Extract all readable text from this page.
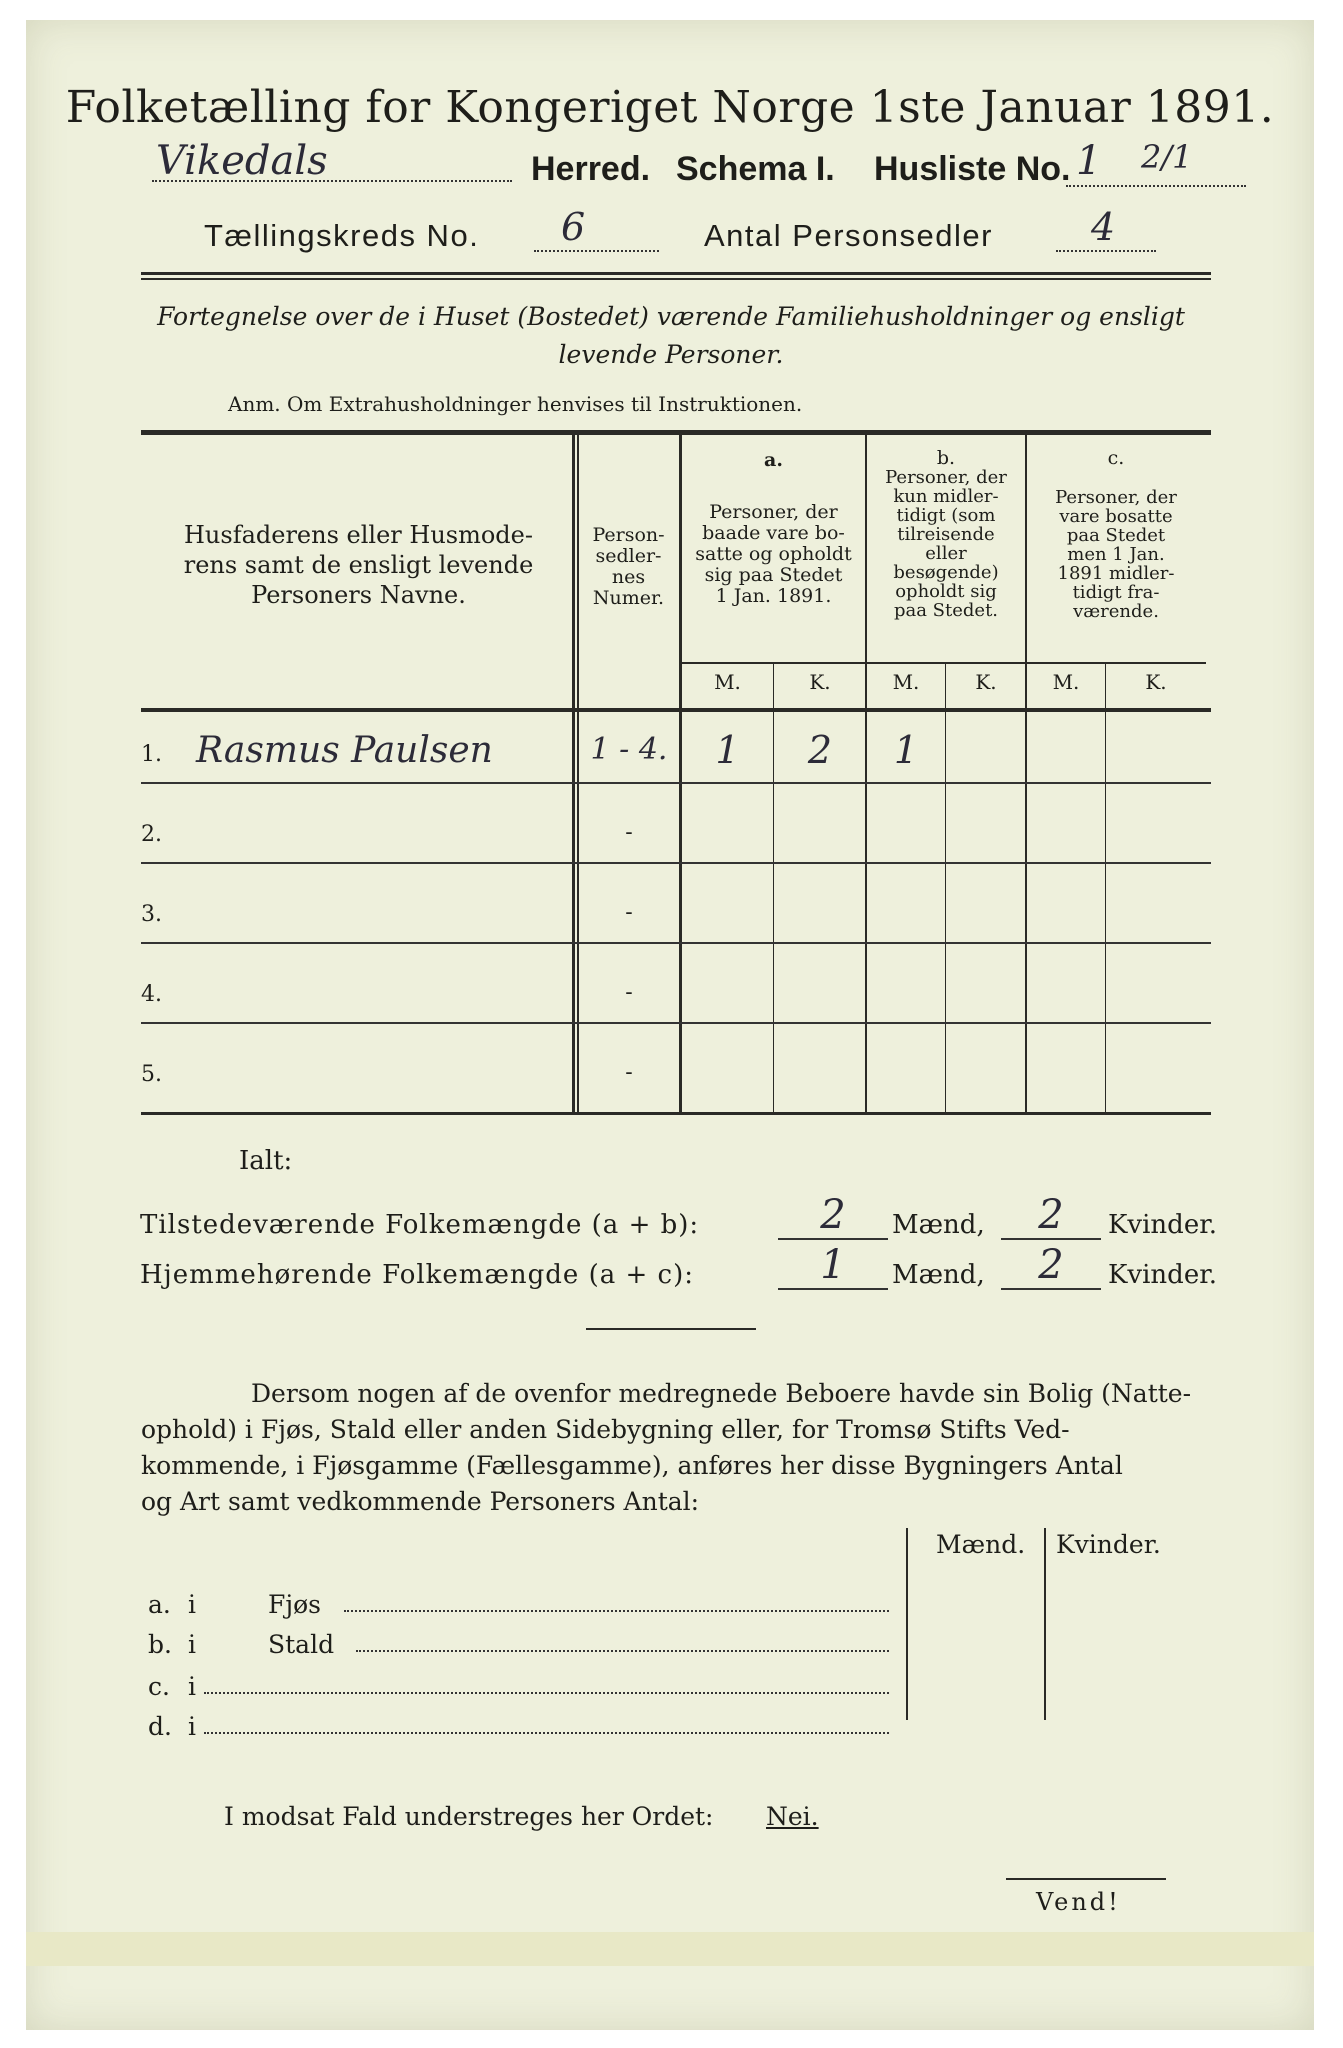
Folketælling for Kongeriget Norge 1ste Januar 1891.
Vikedals	Herred. Schema I. Husliste No. 1 2/1
Tællingskreds No. 6	Antal Personsedler	4
Fortegnelse over de i Huset (Bostedet) værende Familiehusholdninger og ensligt
levende Personer.
Anm. Om Extrahusholdninger henvises til Instruktionen.
Husfaderens eller Husmode-
rens samt de ensligt levende
Personers Navne.
Person-
sedler-
nes
Numer.
a.
Personer, der
baade vare bo-
satte og opholdt
sig paa Stedet
1 Jan. 1891.
b.
Personer, der
kun midler-
tidigt (som
tilreisende
eller
besøgende)
opholdt sig
paa Stedet.
c.
Personer, der
vare bosatte
paa Stedet
men 1 Jan.
1891 midler-
tidigt fra-
værende.
M.	K.	M.	K.	M.	K.
1. Rasmus Paulsen	1 - 4.	1	2	1
2.	-
3.	-
4.	-
5.	-
Ialt:
Tilstedeværende Folkemængde (a + b):	2	Mænd,	2	Kvinder.
Hjemmehørende Folkemængde (a + c):	1	Mænd,	2	Kvinder.
Dersom nogen af de ovenfor medregnede Beboere havde sin Bolig (Natte-
ophold) i Fjøs, Stald eller anden Sidebygning eller, for Tromsø Stifts Ved-
kommende, i Fjøsgamme (Fællesgamme), anføres her disse Bygningers Antal
og Art samt vedkommende Personers Antal:
Mænd. Kvinder.
a. i	Fjøs
b. i	Stald
c. i
d. i
I modsat Fald understreges her Ordet: Nei.
Vend!
